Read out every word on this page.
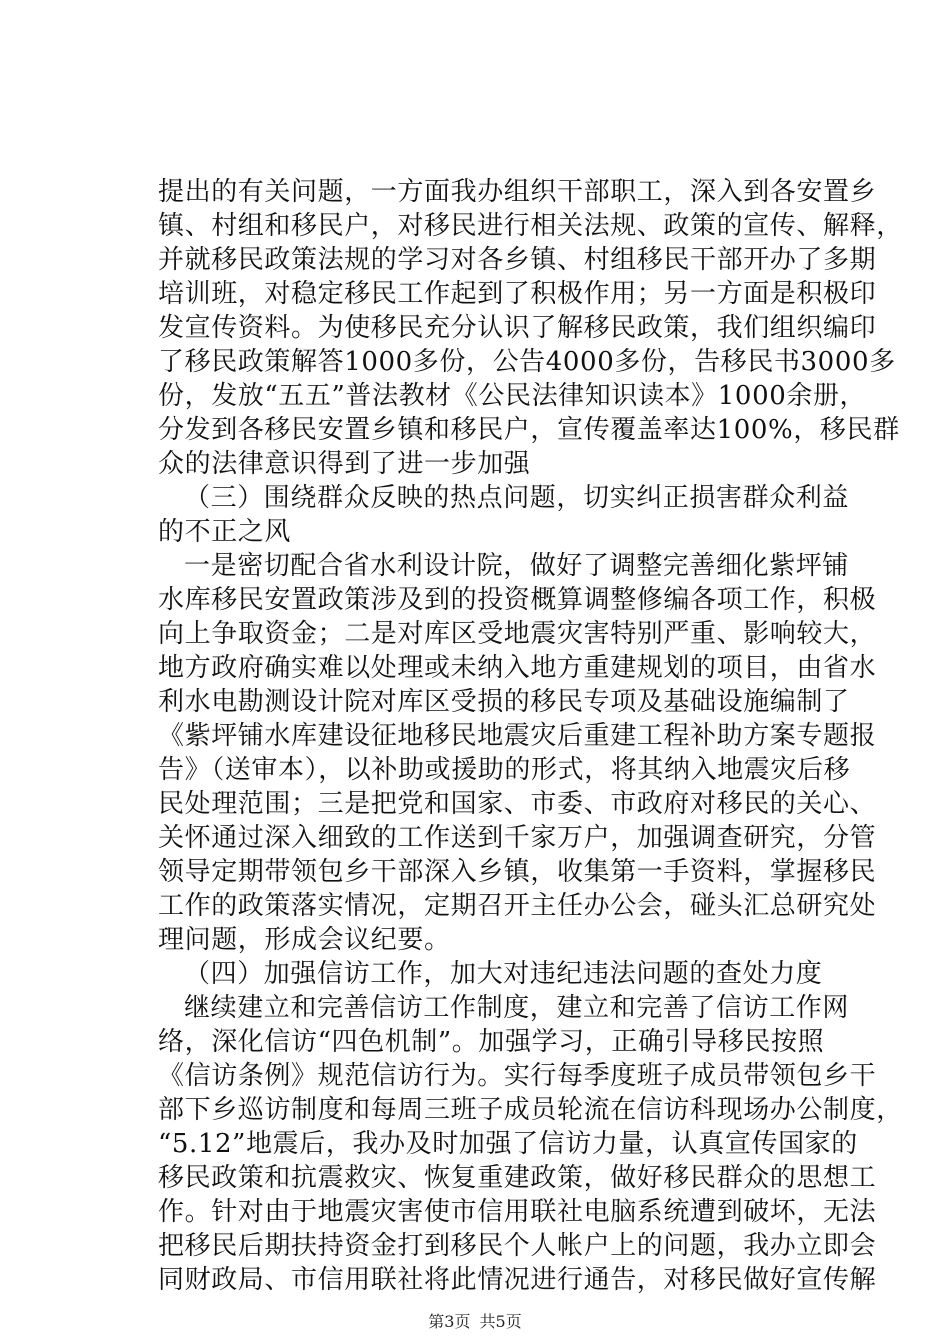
提出的有关问题，一方面我办组织干部职工，深入到各安置乡
镇、村组和移民户，对移民进行相关法规、政策的宣传、解释，
并就移民政策法规的学习对各乡镇、村组移民干部开办了多期
培训班，对稳定移民工作起到了积极作用；另一方面是积极印
发宣传资料。为使移民充分认识了解移民政策，我们组织编印
了移民政策解答1000多份，公告4000多份，告移民书3000多
份，发放“五五”普法教材《公民法律知识读本》1000余册，
分发到各移民安置乡镇和移民户，宣传覆盖率达100%，移民群
众的法律意识得到了进一步加强
（三）围绕群众反映的热点问题，切实纠正损害群众利益
的不正之风
一是密切配合省水利设计院，做好了调整完善细化紫坪铺
水库移民安置政策涉及到的投资概算调整修编各项工作，积极
向上争取资金；二是对库区受地震灾害特别严重、影响较大，
地方政府确实难以处理或未纳入地方重建规划的项目，由省水
利水电勘测设计院对库区受损的移民专项及基础设施编制了
《紫坪铺水库建设征地移民地震灾后重建工程补助方案专题报
告》（送审本），以补助或援助的形式，将其纳入地震灾后移
民处理范围；三是把党和国家、市委、市政府对移民的关心、
关怀通过深入细致的工作送到千家万户，加强调查研究，分管
领导定期带领包乡干部深入乡镇，收集第一手资料，掌握移民
工作的政策落实情况，定期召开主任办公会，碰头汇总研究处
理问题，形成会议纪要。
（四）加强信访工作，加大对违纪违法问题的查处力度
继续建立和完善信访工作制度，建立和完善了信访工作网
络，深化信访“四色机制”。加强学习，正确引导移民按照
《信访条例》规范信访行为。实行每季度班子成员带领包乡干
部下乡巡访制度和每周三班子成员轮流在信访科现场办公制度，
“5.12”地震后，我办及时加强了信访力量，认真宣传国家的
移民政策和抗震救灾、恢复重建政策，做好移民群众的思想工
作。针对由于地震灾害使市信用联社电脑系统遭到破坏，无法
把移民后期扶持资金打到移民个人帐户上的问题，我办立即会
同财政局、市信用联社将此情况进行通告，对移民做好宣传解
第3页 共5页
